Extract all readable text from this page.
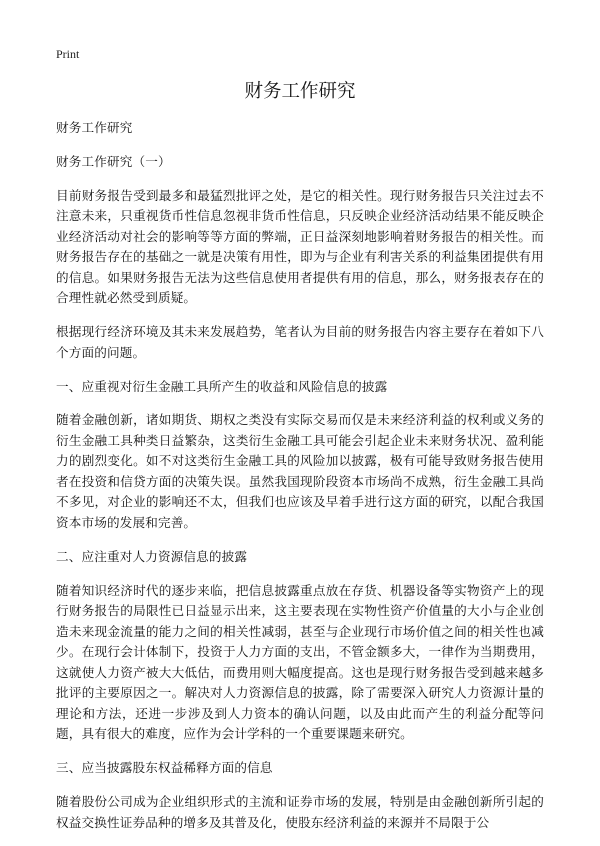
Print
财务工作研究

财务工作研究

财务工作研究（一）

目前财务报告受到最多和最猛烈批评之处，是它的相关性。现行财务报告只关注过去不注意未来，只重视货币性信息忽视非货币性信息，只反映企业经济活动结果不能反映企业经济活动对社会的影响等等方面的弊端，正日益深刻地影响着财务报告的相关性。而财务报告存在的基础之一就是决策有用性，即为与企业有利害关系的利益集团提供有用的信息。如果财务报告无法为这些信息使用者提供有用的信息，那么，财务报表存在的合理性就必然受到质疑。

根据现行经济环境及其未来发展趋势，笔者认为目前的财务报告内容主要存在着如下八个方面的问题。

一、应重视对衍生金融工具所产生的收益和风险信息的披露

随着金融创新，诸如期货、期权之类没有实际交易而仅是未来经济利益的权利或义务的衍生金融工具种类日益繁杂，这类衍生金融工具可能会引起企业未来财务状况、盈利能力的剧烈变化。如不对这类衍生金融工具的风险加以披露，极有可能导致财务报告使用者在投资和信贷方面的决策失误。虽然我国现阶段资本市场尚不成熟，衍生金融工具尚不多见，对企业的影响还不太，但我们也应该及早着手进行这方面的研究，以配合我国资本市场的发展和完善。

二、应注重对人力资源信息的披露

随着知识经济时代的逐步来临，把信息披露重点放在存货、机器设备等实物资产上的现行财务报告的局限性已日益显示出来，这主要表现在实物性资产价值量的大小与企业创造未来现金流量的能力之间的相关性减弱，甚至与企业现行市场价值之间的相关性也减少。在现行会计体制下，投资于人力方面的支出，不管金额多大，一律作为当期费用，这就使人力资产被大大低估，而费用则大幅度提高。这也是现行财务报告受到越来越多批评的主要原因之一。解决对人力资源信息的披露，除了需要深入研究人力资源计量的理论和方法，还进一步涉及到人力资本的确认问题，以及由此而产生的利益分配等问题，具有很大的难度，应作为会计学科的一个重要课题来研究。

三、应当披露股东权益稀释方面的信息

随着股份公司成为企业组织形式的主流和证券市场的发展，特别是由金融创新所引起的权益交换性证券品种的增多及其普及化，使股东经济利益的来源并不局限于公
